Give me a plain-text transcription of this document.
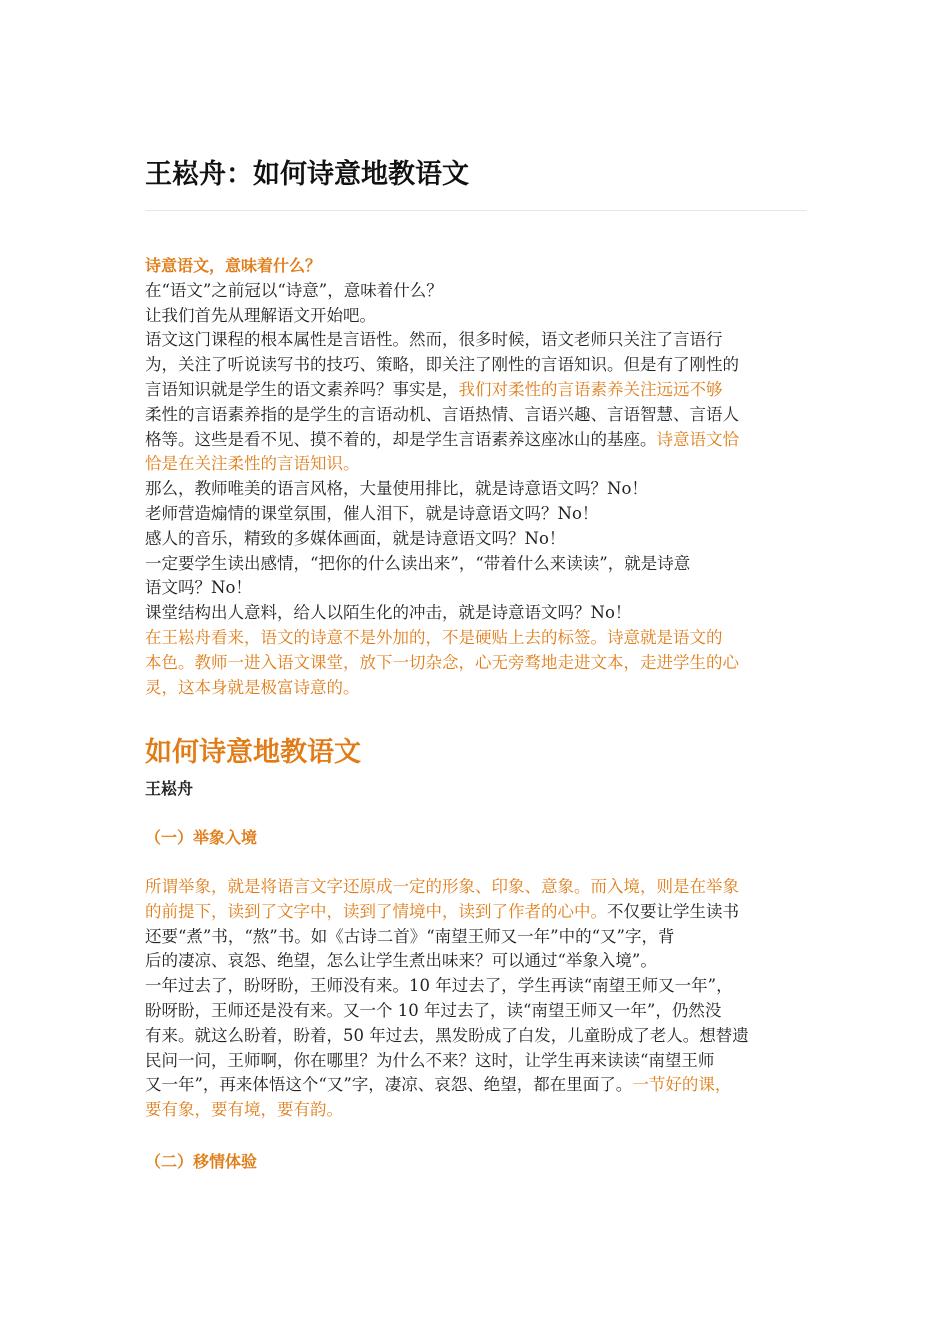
王崧舟：如何诗意地教语文
诗意语文，意味着什么？
在“语文”之前冠以“诗意”，意味着什么？
让我们首先从理解语文开始吧。
语文这门课程的根本属性是言语性。然而，很多时候，语文老师只关注了言语行
为，关注了听说读写书的技巧、策略，即关注了刚性的言语知识。但是有了刚性的
言语知识就是学生的语文素养吗？事实是，我们对柔性的言语素养关注远远不够
柔性的言语素养指的是学生的言语动机、言语热情、言语兴趣、言语智慧、言语人
格等。这些是看不见、摸不着的，却是学生言语素养这座冰山的基座。诗意语文恰
恰是在关注柔性的言语知识。
那么，教师唯美的语言风格，大量使用排比，就是诗意语文吗？No！
老师营造煽情的课堂氛围，催人泪下，就是诗意语文吗？No！
感人的音乐，精致的多媒体画面，就是诗意语文吗？No！
一定要学生读出感情，“把你的什么读出来”，“带着什么来读读”，就是诗意
语文吗？No！
课堂结构出人意料，给人以陌生化的冲击，就是诗意语文吗？No！
在王崧舟看来，语文的诗意不是外加的，不是硬贴上去的标签。诗意就是语文的
本色。教师一进入语文课堂，放下一切杂念，心无旁骛地走进文本，走进学生的心
灵，这本身就是极富诗意的。
如何诗意地教语文
王崧舟
（一）举象入境
所谓举象，就是将语言文字还原成一定的形象、印象、意象。而入境，则是在举象
的前提下，读到了文字中，读到了情境中，读到了作者的心中。不仅要让学生读书
还要“煮”书，“熬”书。如《古诗二首》“南望王师又一年”中的“又”字，背
后的凄凉、哀怨、绝望，怎么让学生煮出味来？可以通过“举象入境”。
一年过去了，盼呀盼，王师没有来。10 年过去了，学生再读“南望王师又一年”，
盼呀盼，王师还是没有来。又一个 10 年过去了，读“南望王师又一年”，仍然没
有来。就这么盼着，盼着，50 年过去，黑发盼成了白发，儿童盼成了老人。想替遗
民问一问，王师啊，你在哪里？为什么不来？这时，让学生再来读读“南望王师
又一年”，再来体悟这个“又”字，凄凉、哀怨、绝望，都在里面了。一节好的课，
要有象，要有境，要有韵。
（二）移情体验
